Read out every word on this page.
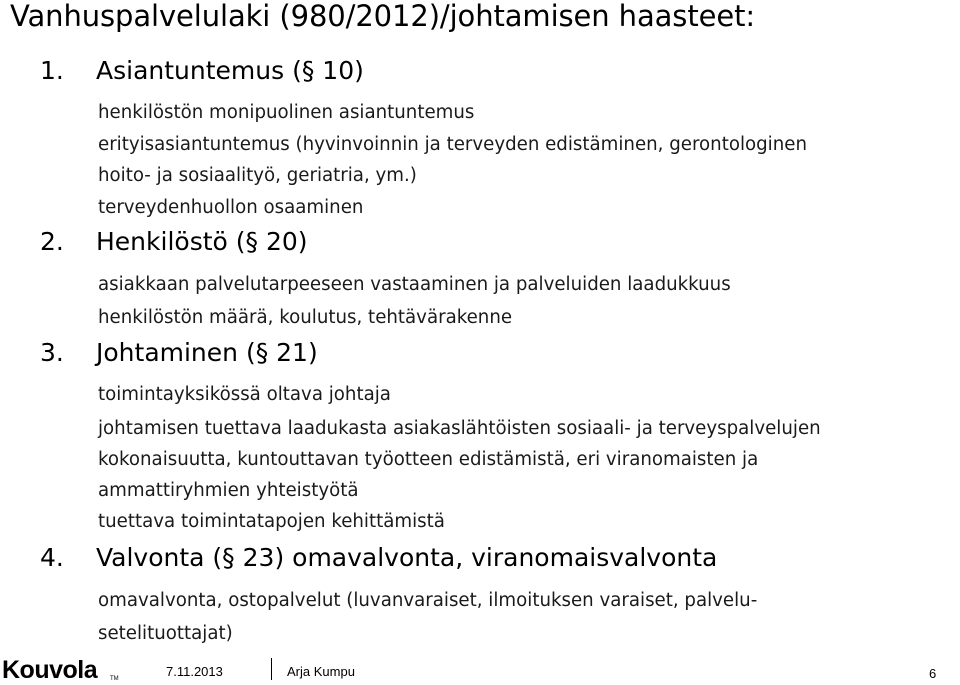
Vanhuspalvelulaki (980/2012)/johtamisen haasteet:
1. Asiantuntemus (§ 10)
henkilöstön monipuolinen asiantuntemus
erityisasiantuntemus (hyvinvoinnin ja terveyden edistäminen, gerontologinen
hoito- ja sosiaalityö, geriatria, ym.)
terveydenhuollon osaaminen
2. Henkilöstö (§ 20)
asiakkaan palvelutarpeeseen vastaaminen ja palveluiden laadukkuus
henkilöstön määrä, koulutus, tehtävärakenne
3. Johtaminen (§ 21)
toimintayksikössä oltava johtaja
johtamisen tuettava laadukasta asiakaslähtöisten sosiaali- ja terveyspalvelujen
kokonaisuutta, kuntouttavan työotteen edistämistä, eri viranomaisten ja
ammattiryhmien yhteistyötä
tuettava toimintatapojen kehittämistä
4. Valvonta (§ 23) omavalvonta, viranomaisvalvonta
omavalvonta, ostopalvelut (luvanvaraiset, ilmoituksen varaiset, palvelu-
setelituottajat)
Kouvola TM	7.11.2013	Arja Kumpu	6
